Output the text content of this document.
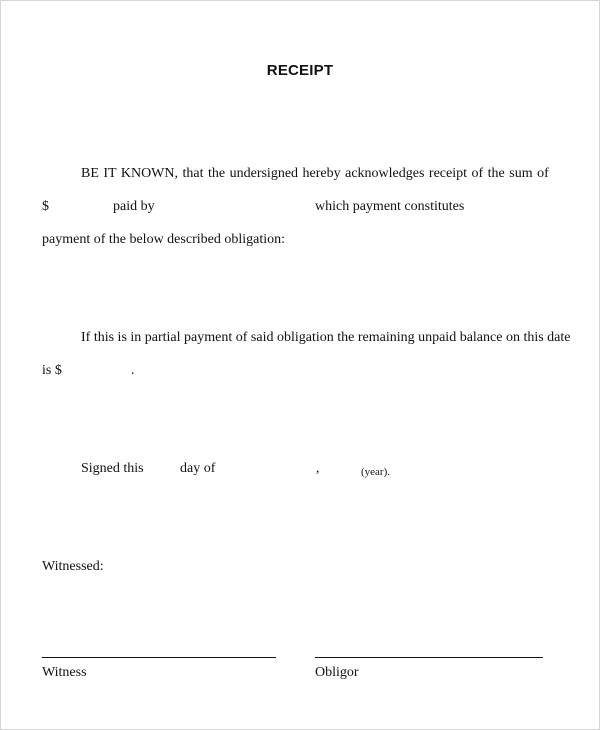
RECEIPT
BE IT KNOWN, that the undersigned hereby acknowledges receipt of the sum of
$	paid by	which payment constitutes
payment of the below described obligation:
If this is in partial payment of said obligation the remaining unpaid balance on this date
is $	.
Signed this	day of	,	(year).
Witnessed:
Witness	Obligor
